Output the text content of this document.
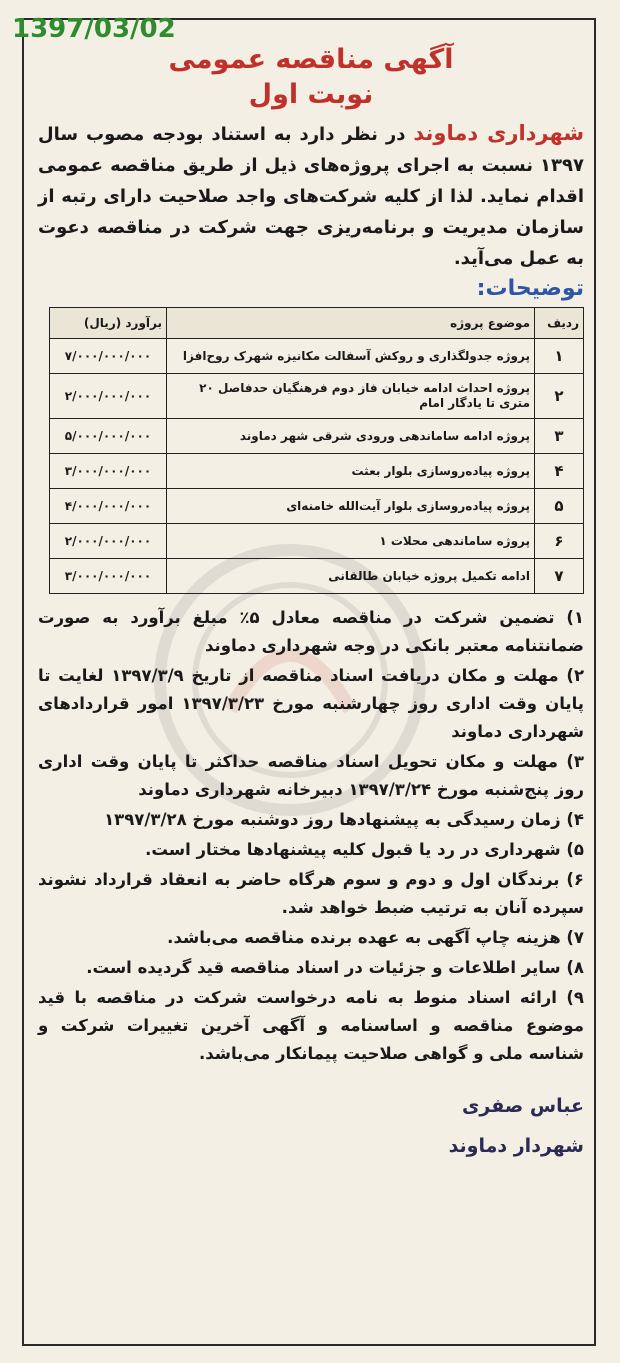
1397/03/02
آگهی مناقصه عمومی
نوبت اول
شهرداری دماوند در نظر دارد به استناد بودجه مصوب سال ۱۳۹۷ نسبت به اجرای پروژه‌های ذیل از طریق مناقصه عمومی اقدام نماید. لذا از کلیه شرکت‌های واجد صلاحیت دارای رتبه از سازمان مدیریت و برنامه‌ریزی جهت شرکت در مناقصه دعوت به عمل می‌آید.
توضیحات:
ردیف	موضوع پروژه	برآورد (ریال)
۱	پروژه جدولگذاری و روکش آسفالت مکانیزه شهرک روح‌افزا	۷/۰۰۰/۰۰۰/۰۰۰
۲	پروژه احداث ادامه خیابان فاز دوم فرهنگیان حدفاصل ۲۰ متری تا یادگار امام	۲/۰۰۰/۰۰۰/۰۰۰
۳	پروژه ادامه ساماندهی ورودی شرقی شهر دماوند	۵/۰۰۰/۰۰۰/۰۰۰
۴	پروژه پیاده‌روسازی بلوار بعثت	۳/۰۰۰/۰۰۰/۰۰۰
۵	پروژه پیاده‌روسازی بلوار آیت‌الله خامنه‌ای	۴/۰۰۰/۰۰۰/۰۰۰
۶	پروژه ساماندهی محلات ۱	۲/۰۰۰/۰۰۰/۰۰۰
۷	ادامه تکمیل پروژه خیابان طالقانی	۳/۰۰۰/۰۰۰/۰۰۰

۱) تضمین شرکت در مناقصه معادل ۵٪ مبلغ برآورد به صورت ضمانتنامه معتبر بانکی در وجه شهرداری دماوند

۲) مهلت و مکان دریافت اسناد مناقصه از تاریخ ۱۳۹۷/۳/۹ لغایت تا پایان وقت اداری روز چهارشنبه مورخ ۱۳۹۷/۳/۲۳ امور قراردادهای شهرداری دماوند

۳) مهلت و مکان تحویل اسناد مناقصه حداکثر تا پایان وقت اداری روز پنج‌شنبه مورخ ۱۳۹۷/۳/۲۴ دبیرخانه شهرداری دماوند

۴) زمان رسیدگی به پیشنهادها روز دوشنبه مورخ ۱۳۹۷/۳/۲۸

۵) شهرداری در رد یا قبول کلیه پیشنهادها مختار است.

۶) برندگان اول و دوم و سوم هرگاه حاضر به انعقاد قرارداد نشوند سپرده آنان به ترتیب ضبط خواهد شد.

۷) هزینه چاپ آگهی به عهده برنده مناقصه می‌باشد.

۸) سایر اطلاعات و جزئیات در اسناد مناقصه قید گردیده است.

۹) ارائه اسناد منوط به نامه درخواست شرکت در مناقصه با قید موضوع مناقصه و اساسنامه و آگهی آخرین تغییرات شرکت و شناسه ملی و گواهی صلاحیت پیمانکار می‌باشد.

عباس صفری
شهردار دماوند
